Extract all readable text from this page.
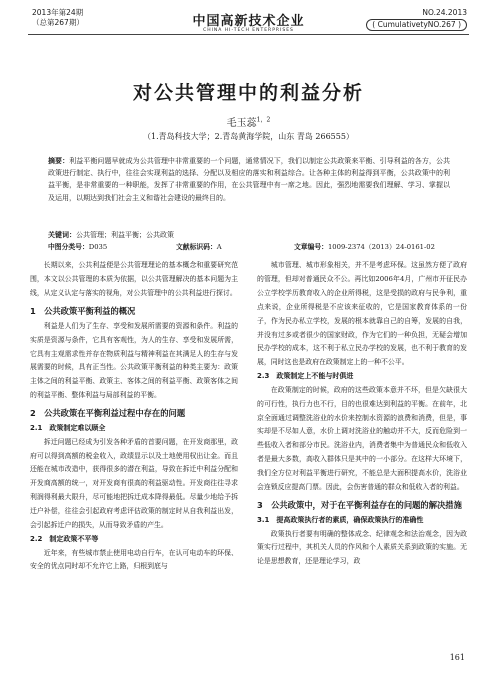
2013年第24期
（总第267期）	中国高新技术企业
CHINA HI-TECH ENTERPRISES
NO.24.2013
( CumulativetyNO.267 )
对公共管理中的利益分析
毛玉蕊$^{1,2}$
（1.青岛科技大学；2.青岛黄海学院，山东 青岛 266555）
摘要：利益平衡问题早就成为公共管理中非常重要的一个问题，通常情况下，我们以制定公共政策来平衡、引导利益的各方，公共政策进行制定、执行中，往往会实现利益的选择、分配以及相应的落实和利益综合。让各种主体的利益得到平衡，公共政策中的利益平衡，是非常重要的一种职能，发挥了非常重要的作用，在公共管理中有一席之地。因此，强烈地需要我们理解、学习、掌握以及运用，以期达到我们社会主义和谐社会建设的最终目的。
关键词：公共管理；利益平衡；公共政策
中图分类号：D035	文献标识码：A	文章编号：1009-2374（2013）24-0161-02

长期以来，公共利益便是公共管理理论的基本概念和重要研究范围，本文以公共管理的本质为依据，以公共管理解决的基本问题为主线，从定义认定与落实的视角，对公共管理中的公共利益进行探讨。

1　公共政策平衡利益的概况

利益是人们为了生存、享受和发展所需要的资源和条件。利益的实质是资源与条件，它具有客观性，为人的生存、享受和发展所需，它具有主观需求性并存在物质利益与精神利益在其满足人的生存与发展需要的时候，具有正当性。公共政策平衡利益的种类主要为：政策主体之间的利益平衡、政策主、客体之间的利益平衡、政策客体之间的利益平衡、整体利益与局部利益的平衡。

2　公共政策在平衡利益过程中存在的问题
2.1　政策制定难以顾全

拆迁问题已经成为引发各种矛盾的首要问题，在开发商那里，政府可以得到高额的税金收入，政绩显示以及土地使用权出让金。而且还能在城市改造中，获得很多的潜在利益，导致在拆迁中利益分配和开发商高额的统一，对开发商有很高的利益驱动性。开发商往往寻求利润得利最大限升，尽可能地把拆迁成本降得最低。尽量少地给予拆迁户补偿，往往会引起政府考虑评估政策的制定时从自我利益出发，会引起拆迁户的损失，从而导致矛盾的产生。

2.2　制定政策不平等

近年来，有些城市禁止使用电动自行车，在认可电动车的环保、安全的优点同时却不允许它上路，归根到底与

城市管理、城市形象相关，并不是考虑环保。这虽然方便了政府的管理，但却对普通民众不公。再比如2006年4月，广州市开征民办公立学校学历教育收入的企业所得税，这是受损的政府与民争利，重点来说，企业所得税是不应该来征收的，它是国家教育体系的一份子，作为民办私立学校，发展的根本就靠自己的自筹，发展的自我，并没有过多或者很少的国家财政，作为它们的一种负担，无疑会增加民办学校的成本，这不利于私立民办学校的发展，也不利于教育的发展，同时这也是政府在政策制定上的一种不公平。

2.3　政策制定上不能与时俱进

在政策制定的时候，政府的这些政策本意并不坏，但是欠缺很大的可行性，执行力也不行，目的也很难达到利益的平衡。在前年，北京全面通过调整洗浴业的水价来控制水资源的浪费和消费，但是，事实却是不尽如人意，水价上调对洗浴业的触动并不大，反而危险到一些低收入者和部分市民。洗浴业内，消费者集中为普通民众和低收入者是最大多数，高收入群体只是其中的一小部分。在这样大环境下，我们全方位对利益平衡进行研究，不能总是大面积提高水价，洗浴业会连锁反应提高门票。因此，会伤害普通的群众和低收入者的利益。

3　公共政策中，对于在平衡利益存在的问题的解决措施
3.1　提高政策执行者的素质，确保政策执行的准确性

政策执行者要有明确的整体成念、纪律观念和法治观念，因为政策实行过程中，其机关人员的作风和个人素质关系到政策的实施。无论是思想教育，还是理论学习，政

161
